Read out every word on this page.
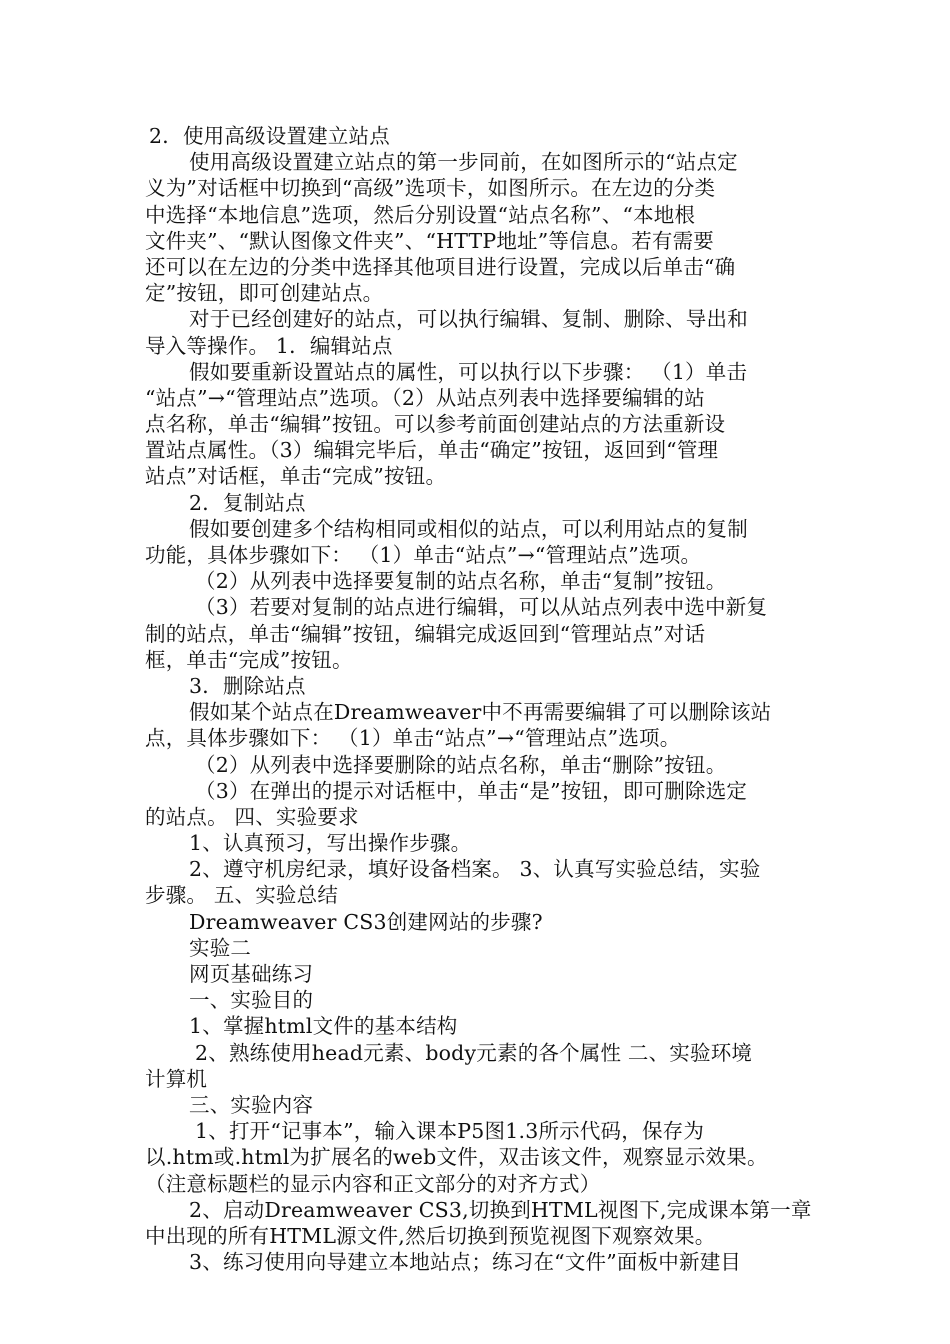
2．使用高级设置建立站点
使用高级设置建立站点的第一步同前，在如图所示的“站点定
义为”对话框中切换到“高级”选项卡，如图所示。在左边的分类
中选择“本地信息”选项，然后分别设置“站点名称”、“本地根
文件夹”、“默认图像文件夹”、“HTTP地址”等信息。若有需要
还可以在左边的分类中选择其他项目进行设置，完成以后单击“确
定”按钮，即可创建站点。
对于已经创建好的站点，可以执行编辑、复制、删除、导出和
导入等操作。 1．编辑站点
假如要重新设置站点的属性，可以执行以下步骤： （1）单击
“站点”→“管理站点”选项。（2）从站点列表中选择要编辑的站
点名称，单击“编辑”按钮。可以参考前面创建站点的方法重新设
置站点属性。（3）编辑完毕后，单击“确定”按钮，返回到“管理
站点”对话框，单击“完成”按钮。
2．复制站点
假如要创建多个结构相同或相似的站点，可以利用站点的复制
功能，具体步骤如下： （1）单击“站点”→“管理站点”选项。
（2）从列表中选择要复制的站点名称，单击“复制”按钮。
（3）若要对复制的站点进行编辑，可以从站点列表中选中新复
制的站点，单击“编辑”按钮，编辑完成返回到“管理站点”对话
框，单击“完成”按钮。
3．删除站点
假如某个站点在Dreamweaver中不再需要编辑了可以删除该站
点，具体步骤如下： （1）单击“站点”→“管理站点”选项。
（2）从列表中选择要删除的站点名称，单击“删除”按钮。
（3）在弹出的提示对话框中，单击“是”按钮，即可删除选定
的站点。 四、实验要求
1、认真预习，写出操作步骤。
2、遵守机房纪录，填好设备档案。 3、认真写实验总结，实验
步骤。 五、实验总结
Dreamweaver CS3创建网站的步骤?
实验二
网页基础练习
一、实验目的
1、掌握html文件的基本结构
2、熟练使用head元素、body元素的各个属性 二、实验环境
计算机
三、实验内容
1、打开“记事本”，输入课本P5图1.3所示代码，保存为
以.htm或.html为扩展名的web文件，双击该文件，观察显示效果。
（注意标题栏的显示内容和正文部分的对齐方式）
2、启动Dreamweaver CS3,切换到HTML视图下,完成课本第一章
中出现的所有HTML源文件,然后切换到预览视图下观察效果。
3、练习使用向导建立本地站点；练习在“文件”面板中新建目
